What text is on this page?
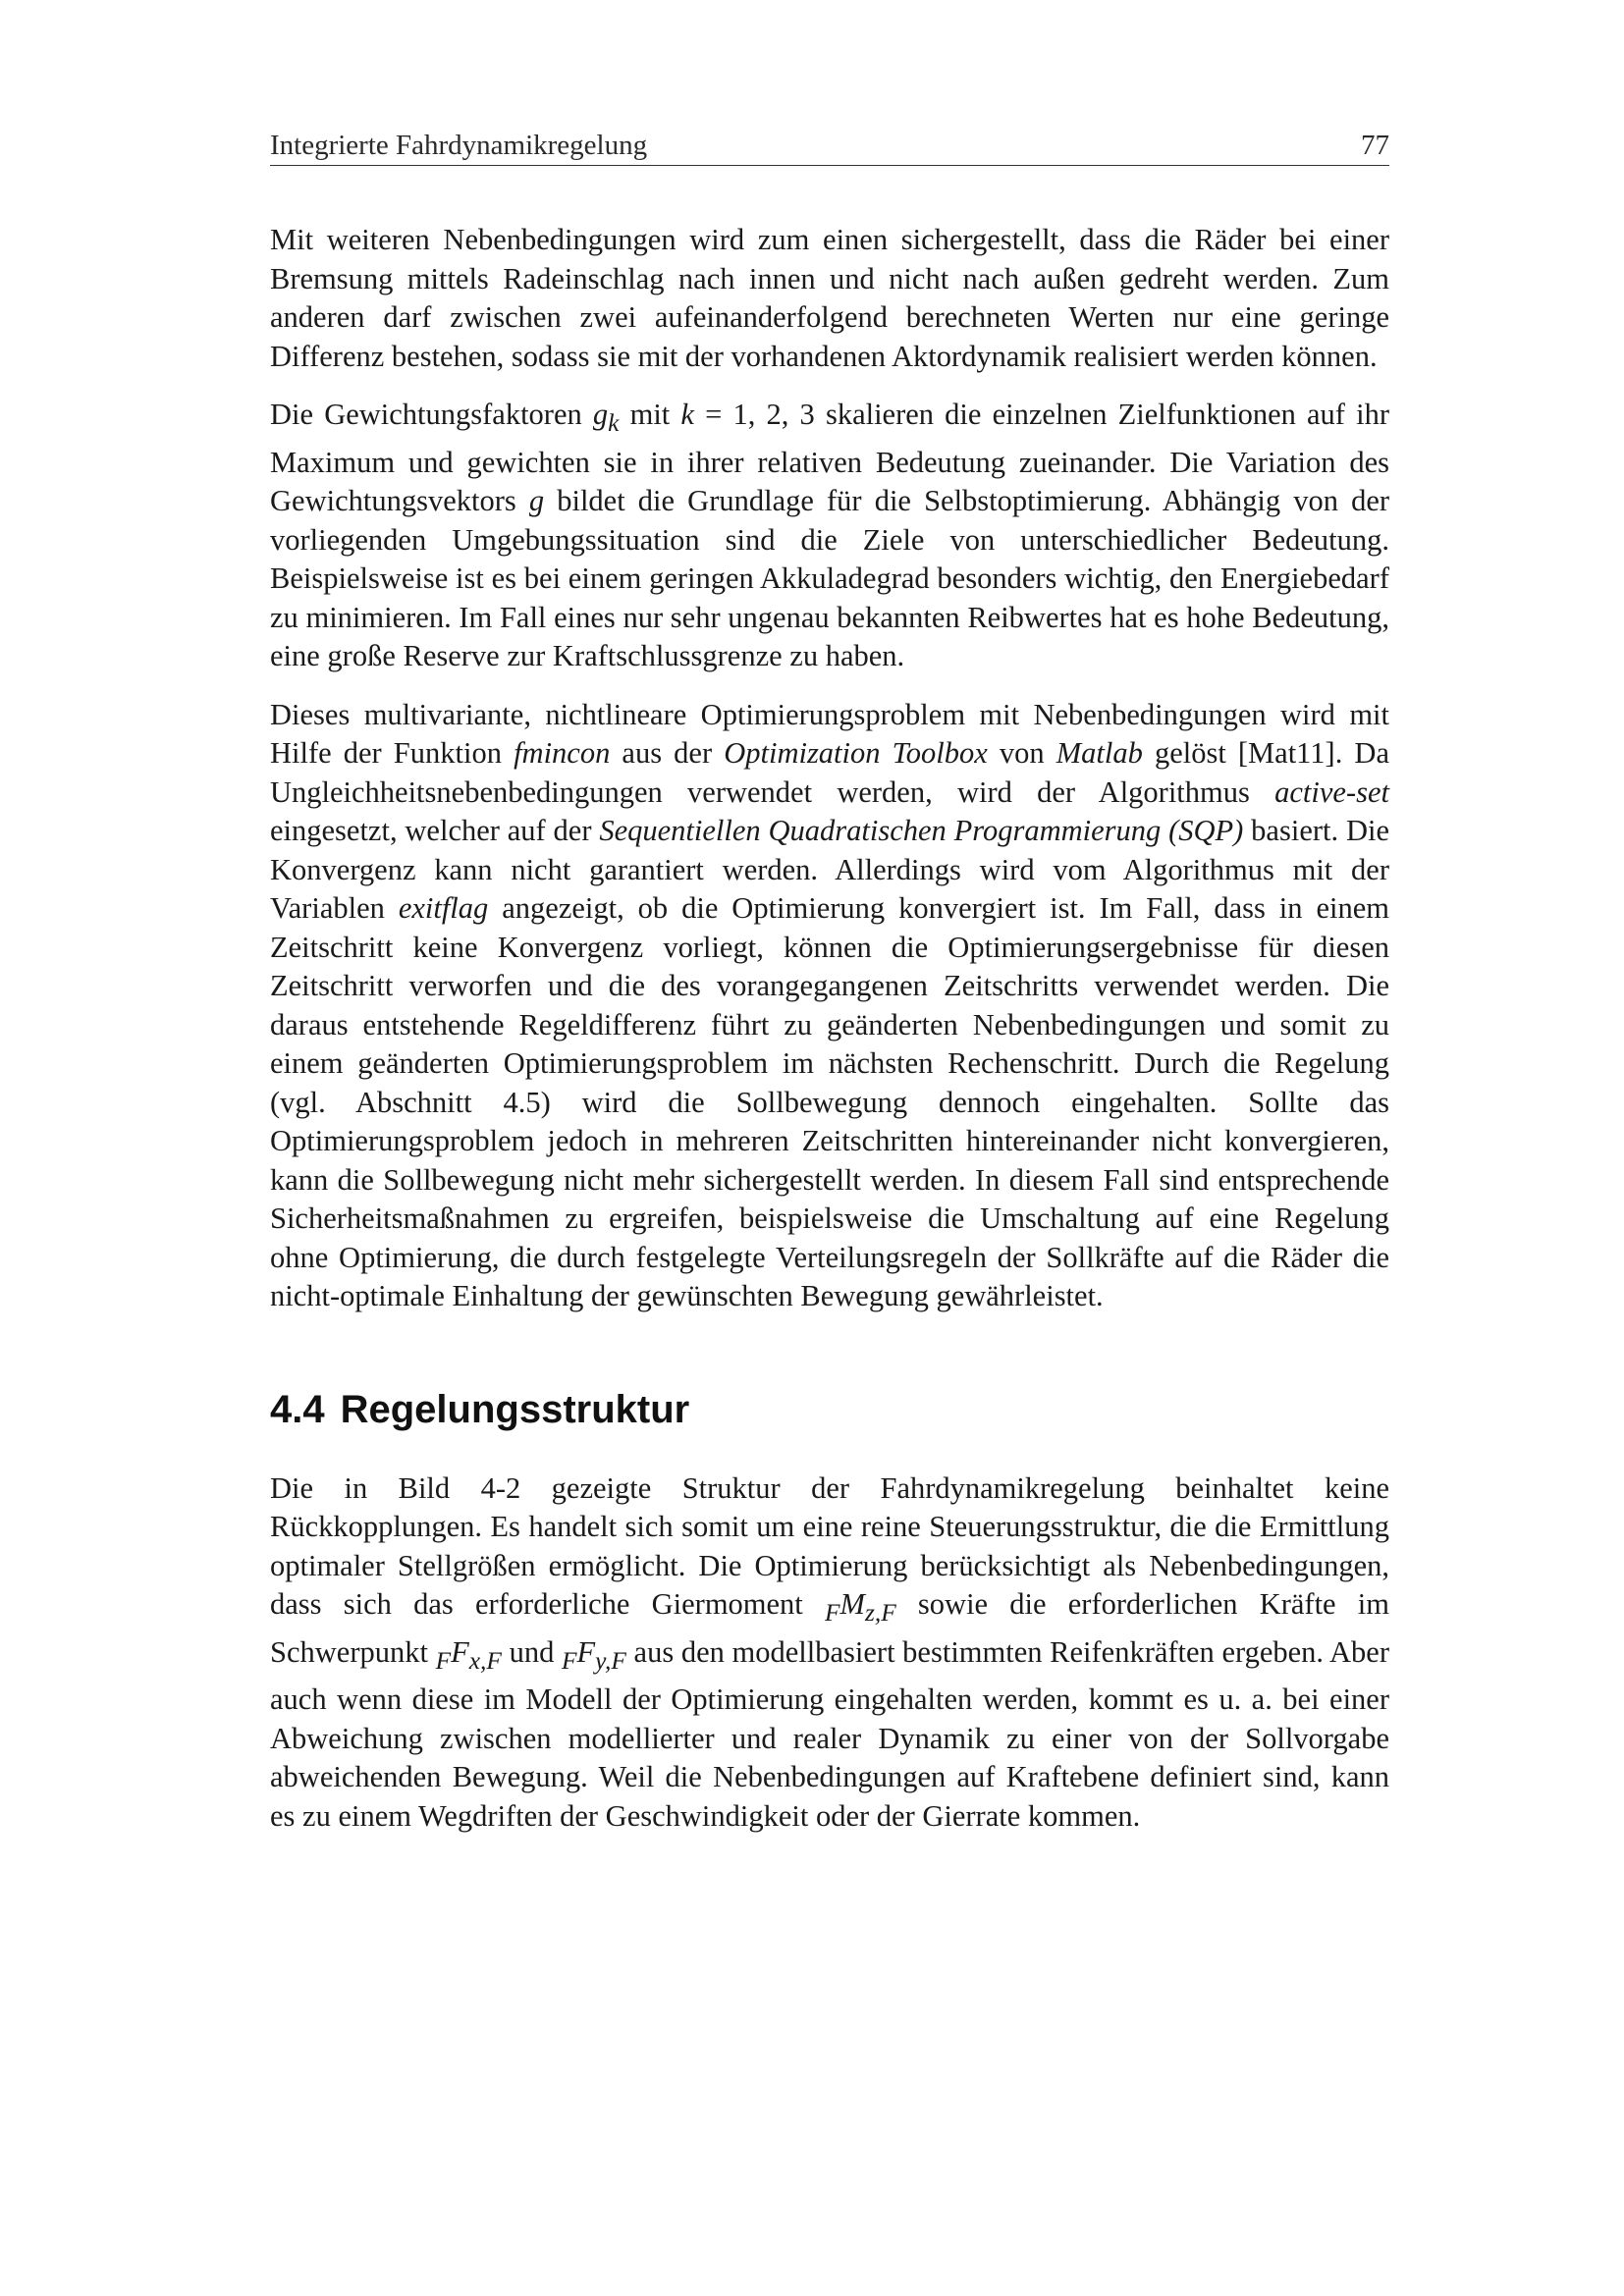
Integrierte Fahrdynamikregelung	77

Mit weiteren Nebenbedingungen wird zum einen sichergestellt, dass die Räder bei einer Bremsung mittels Radeinschlag nach innen und nicht nach außen gedreht werden. Zum anderen darf zwischen zwei aufeinanderfolgend berechneten Werten nur eine geringe Differenz bestehen, sodass sie mit der vorhandenen Aktordynamik realisiert werden können.

Die Gewichtungsfaktoren $g_k$ mit k = 1, 2, 3 skalieren die einzelnen Zielfunktionen auf ihr Maximum und gewichten sie in ihrer relativen Bedeutung zueinander. Die Variation des Gewichtungsvektors g bildet die Grundlage für die Selbstoptimierung. Abhängig von der vorliegenden Umgebungssituation sind die Ziele von unterschiedlicher Bedeutung. Beispielsweise ist es bei einem geringen Akkuladegrad besonders wichtig, den Energiebedarf zu minimieren. Im Fall eines nur sehr ungenau bekannten Reibwertes hat es hohe Bedeutung, eine große Reserve zur Kraftschlussgrenze zu haben.

Dieses multivariante, nichtlineare Optimierungsproblem mit Nebenbedingungen wird mit Hilfe der Funktion fmincon aus der Optimization Toolbox von Matlab gelöst [Mat11]. Da Ungleichheitsnebenbedingungen verwendet werden, wird der Algorithmus active-set eingesetzt, welcher auf der Sequentiellen Quadratischen Programmierung (SQP) basiert. Die Konvergenz kann nicht garantiert werden. Allerdings wird vom Algorithmus mit der Variablen exitflag angezeigt, ob die Optimierung konvergiert ist. Im Fall, dass in einem Zeitschritt keine Konvergenz vorliegt, können die Optimierungsergebnisse für diesen Zeitschritt verworfen und die des vorangegangenen Zeitschritts verwendet werden. Die daraus entstehende Regeldifferenz führt zu geänderten Nebenbedingungen und somit zu einem geänderten Optimierungsproblem im nächsten Rechenschritt. Durch die Regelung (vgl. Abschnitt 4.5) wird die Sollbewegung dennoch eingehalten. Sollte das Optimierungsproblem jedoch in mehreren Zeitschritten hintereinander nicht konvergieren, kann die Sollbewegung nicht mehr sichergestellt werden. In diesem Fall sind entsprechende Sicherheitsmaßnahmen zu ergreifen, beispielsweise die Umschaltung auf eine Regelung ohne Optimierung, die durch festgelegte Verteilungsregeln der Sollkräfte auf die Räder die nicht-optimale Einhaltung der gewünschten Bewegung gewährleistet.

4.4 Regelungsstruktur

Die in Bild 4-2 gezeigte Struktur der Fahrdynamikregelung beinhaltet keine Rückkopplungen. Es handelt sich somit um eine reine Steuerungsstruktur, die die Ermittlung optimaler Stellgrößen ermöglicht. Die Optimierung berücksichtigt als Nebenbedingungen, dass sich das erforderliche Giermoment $_FM_{z,F}$ sowie die erforderlichen Kräfte im Schwerpunkt $_FF_{x,F}$ und $_FF_{y,F}$ aus den modellbasiert bestimmten Reifenkräften ergeben. Aber auch wenn diese im Modell der Optimierung eingehalten werden, kommt es u. a. bei einer Abweichung zwischen modellierter und realer Dynamik zu einer von der Sollvorgabe abweichenden Bewegung. Weil die Nebenbedingungen auf Kraftebene definiert sind, kann es zu einem Wegdriften der Geschwindigkeit oder der Gierrate kommen.
